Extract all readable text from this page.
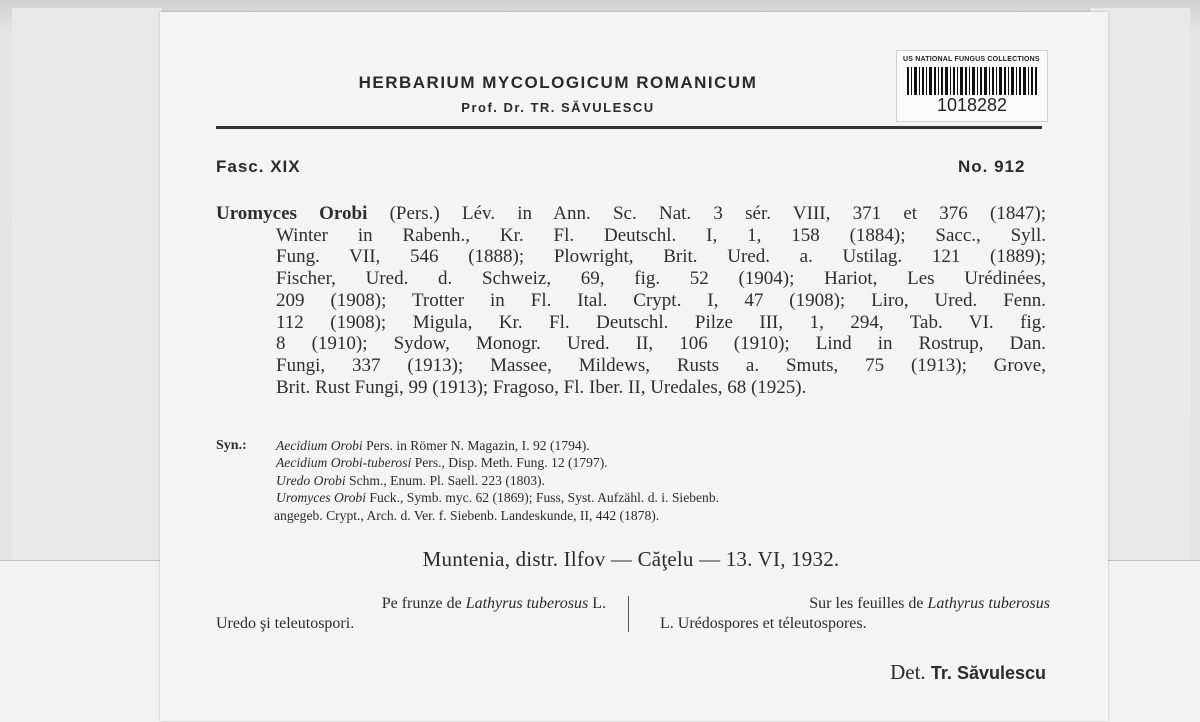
HERBARIUM MYCOLOGICUM ROMANICUM
Prof. Dr. TR. SĂVULESCU
US NATIONAL FUNGUS COLLECTIONS
1018282
Fasc. XIX	No. 912
Uromyces Orobi (Pers.) Lév. in Ann. Sc. Nat. 3 sér. VIII, 371 et 376 (1847);
Winter in Rabenh., Kr. Fl. Deutschl. I, 1, 158 (1884); Sacc., Syll.
Fung. VII, 546 (1888); Plowright, Brit. Ured. a. Ustilag. 121 (1889);
Fischer, Ured. d. Schweiz, 69, fig. 52 (1904); Hariot, Les Urédinées,
209 (1908); Trotter in Fl. Ital. Crypt. I, 47 (1908); Liro, Ured. Fenn.
112 (1908); Migula, Kr. Fl. Deutschl. Pilze III, 1, 294, Tab. VI. fig.
8 (1910); Sydow, Monogr. Ured. II, 106 (1910); Lind in Rostrup, Dan.
Fungi, 337 (1913); Massee, Mildews, Rusts a. Smuts, 75 (1913); Grove,
Brit. Rust Fungi, 99 (1913); Fragoso, Fl. Iber. II, Uredales, 68 (1925).
Syn.: Aecidium Orobi Pers. in Römer N. Magazin, I. 92 (1794).
Aecidium Orobi-tuberosi Pers., Disp. Meth. Fung. 12 (1797).
Uredo Orobi Schm., Enum. Pl. Saell. 223 (1803).
Uromyces Orobi Fuck., Symb. myc. 62 (1869); Fuss, Syst. Aufzähl. d. i. Siebenb.
angegeb. Crypt., Arch. d. Ver. f. Siebenb. Landeskunde, II, 442 (1878).
Muntenia, distr. Ilfov — Căţelu — 13. VI, 1932.
Pe frunze de Lathyrus tuberosus L.
Uredo şi teleutospori.
Sur les feuilles de Lathyrus tuberosus
L. Urédospores et téleutospores.
Det. Tr. Săvulescu
